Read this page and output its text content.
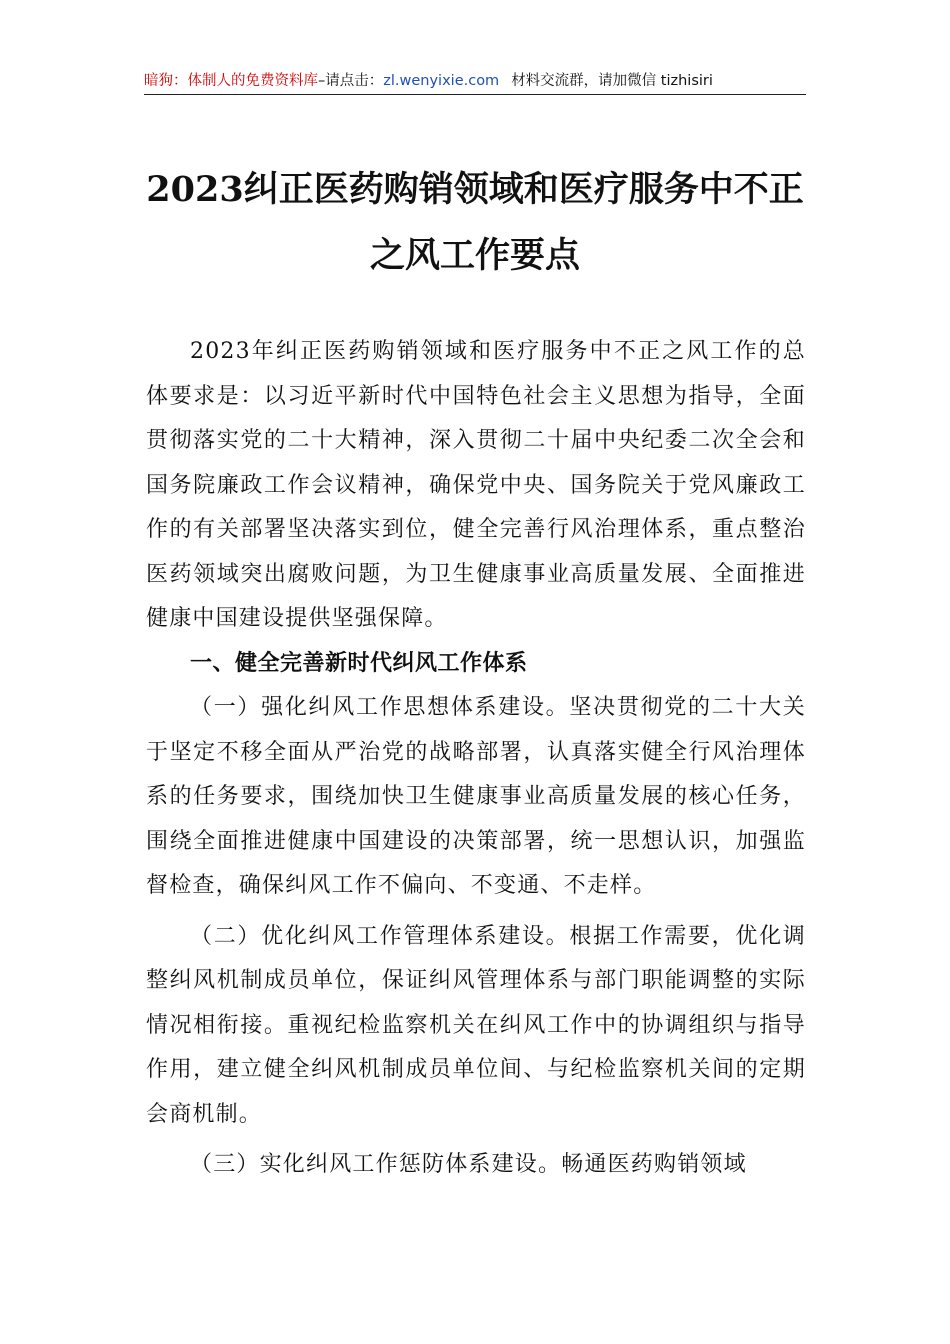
暗狗：体制人的免费资料库–请点击：zl.wenyixie.com 材料交流群，请加微信 tizhisiri
2023纠正医药购销领域和医疗服务中不正
之风工作要点

2023年纠正医药购销领域和医疗服务中不正之风工作的总体要求是：以习近平新时代中国特色社会主义思想为指导，全面贯彻落实党的二十大精神，深入贯彻二十届中央纪委二次全会和国务院廉政工作会议精神，确保党中央、国务院关于党风廉政工作的有关部署坚决落实到位，健全完善行风治理体系，重点整治医药领域突出腐败问题，为卫生健康事业高质量发展、全面推进健康中国建设提供坚强保障。

一、健全完善新时代纠风工作体系

（一）强化纠风工作思想体系建设。坚决贯彻党的二十大关于坚定不移全面从严治党的战略部署，认真落实健全行风治理体系的任务要求，围绕加快卫生健康事业高质量发展的核心任务，围绕全面推进健康中国建设的决策部署，统一思想认识，加强监督检查，确保纠风工作不偏向、不变通、不走样。

（二）优化纠风工作管理体系建设。根据工作需要，优化调整纠风机制成员单位，保证纠风管理体系与部门职能调整的实际情况相衔接。重视纪检监察机关在纠风工作中的协调组织与指导作用，建立健全纠风机制成员单位间、与纪检监察机关间的定期会商机制。

（三）实化纠风工作惩防体系建设。畅通医药购销领域
